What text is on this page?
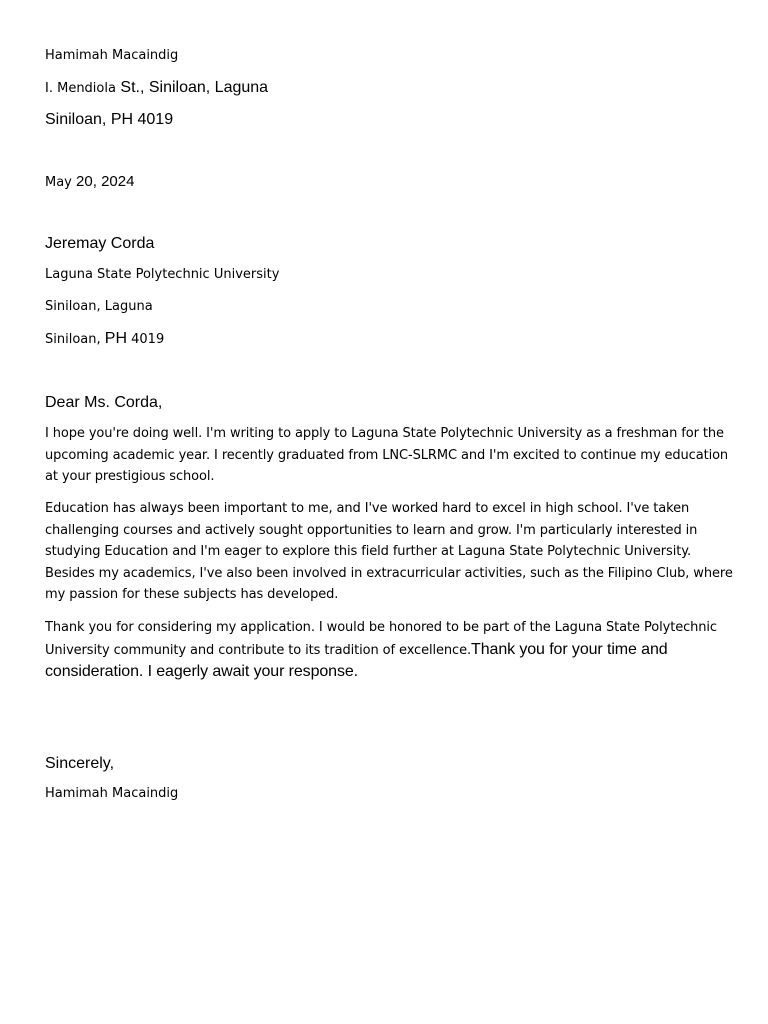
Hamimah Macaindig

I. Mendiola St., Siniloan, Laguna

Siniloan, PH 4019

May 20, 2024

Jeremay Corda

Laguna State Polytechnic University

Siniloan, Laguna

Siniloan, PH 4019

Dear Ms. Corda,

I hope you're doing well. I'm writing to apply to Laguna State Polytechnic University as a freshman for the upcoming academic year. I recently graduated from LNC-SLRMC and I'm excited to continue my education at your prestigious school.

Education has always been important to me, and I've worked hard to excel in high school. I've taken challenging courses and actively sought opportunities to learn and grow. I'm particularly interested in studying Education and I'm eager to explore this field further at Laguna State Polytechnic University. Besides my academics, I've also been involved in extracurricular activities, such as the Filipino Club, where my passion for these subjects has developed.

Thank you for considering my application. I would be honored to be part of the Laguna State Polytechnic University community and contribute to its tradition of excellence.Thank you for your time and consideration. I eagerly await your response.

Sincerely,

Hamimah Macaindig
